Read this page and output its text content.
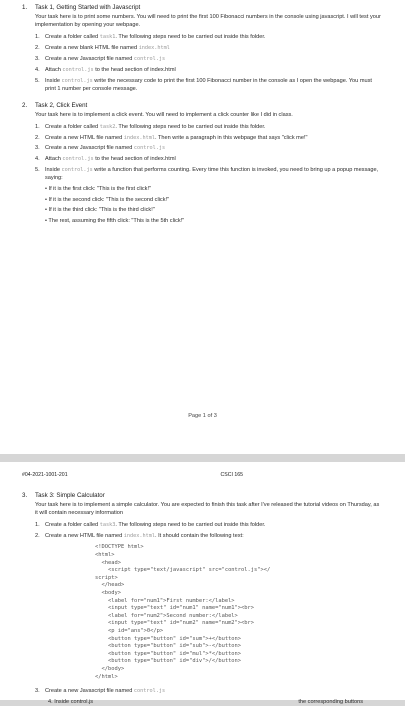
1.	Task 1, Getting Started with Javascript

Your task here is to print some numbers. You will need to print the first 100 Fibonacci numbers in the console using javascript. I will test your implementation by opening your webpage.

1. Create a folder called task1. The following steps need to be carried out inside this folder.
2. Create a new blank HTML file named index.html
3. Create a new Javascript file named control.js
4. Attach control.js to the head section of index.html
5. Inside control.js write the necessary code to print the first 100 Fibonacci number in the console as I open the webpage. You must print 1 number per console message.
2.	Task 2, Click Event

Your task here is to implement a click event. You will need to implement a click counter like I did in class.

1. Create a folder called task2. The following steps need to be carried out inside this folder.
2. Create a new HTML file named index.html. Then write a paragraph in this webpage that says "click me!"
3. Create a new Javascript file named control.js
4. Attach control.js to the head section of index.html
5. Inside control.js write a function that performs counting. Every time this function is invoked, you need to bring up a popup message, saying:
• If it is the first click: "This is the first click!"
• If it is the second click: "This is the second click!"
• If it is the third click: "This is the third click!"
• The rest, assuming the fifth click: "This is the 5th click!"
Page 1 of 3
#04-2021-1001-201	CSCI 165
3.	Task 3: Simple Calculator

Your task here is to implement a simple calculator. You are expected to finish this task after I've released the tutorial videos on Thursday, as it will contain necessary information

1. Create a folder called task3. The following steps need to be carried out inside this folder.
2. Create a new HTML file named index.html. It should contain the following text:
<!DOCTYPE html>
<html>
<head>
<script type="text/javascript" src="control.js"></
script>
</head>
<body>
<label for="num1">First number:</label>
<input type="text" id="num1" name="num1"><br>
<label for="num2">Second number:</label>
<input type="text" id="num2" name="num2"><br>
<p id="ans">0</p>
<button type="button" id="sum">+</button>
<button type="button" id="sub">-</button>
<button type="button" id="mul">*</button>
<button type="button" id="div">/</button>
</body>
</html>
3. Create a new Javascript file named control.js
4. Inside control.js	the corresponding buttons
